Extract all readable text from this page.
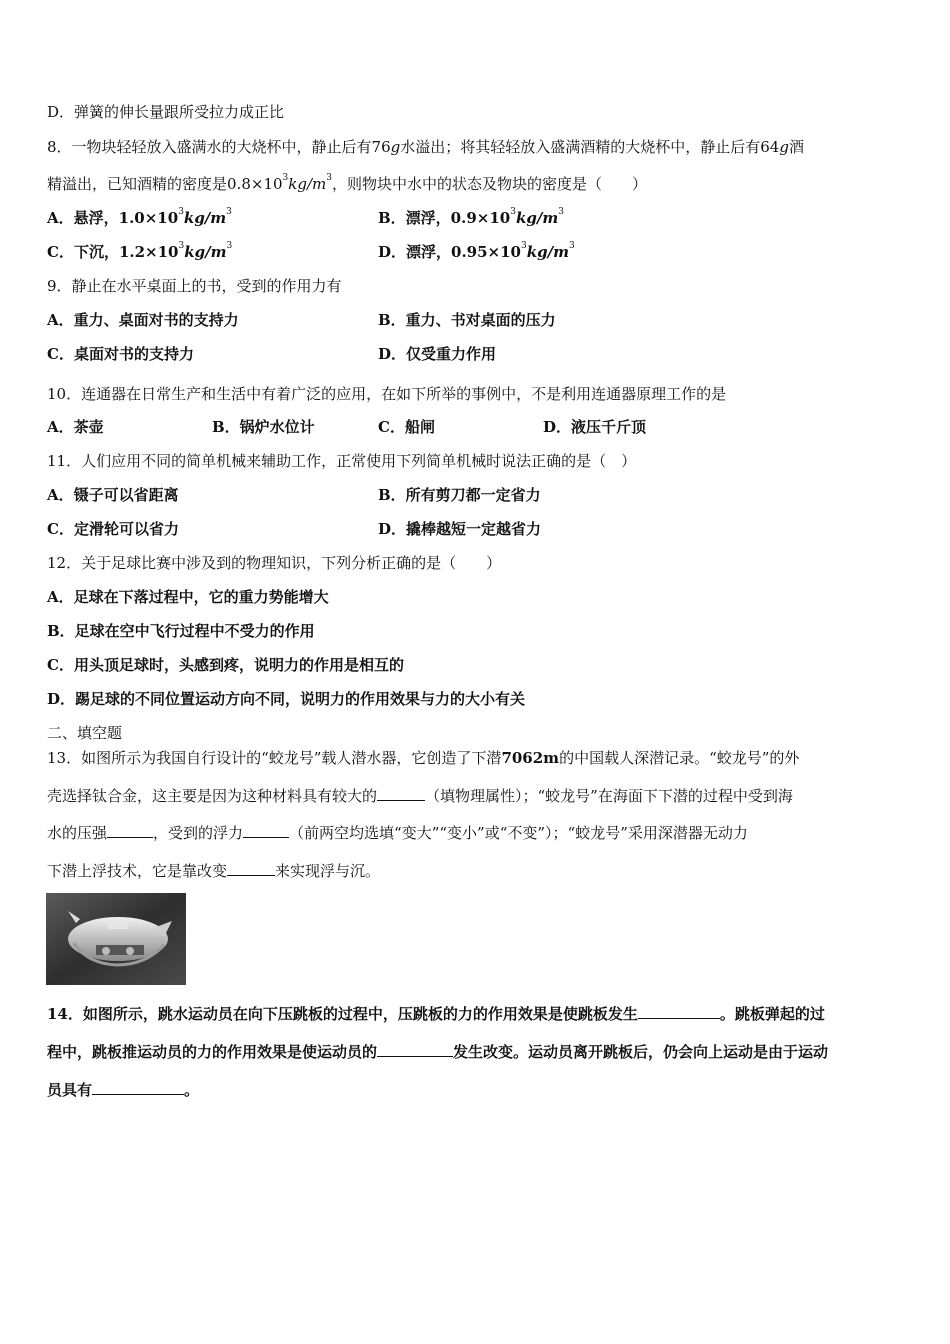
D．弹簧的伸长量跟所受拉力成正比
8．一物块轻轻放入盛满水的大烧杯中，静止后有76g水溢出；将其轻轻放入盛满酒精的大烧杯中，静止后有64g酒
精溢出，已知酒精的密度是$0.8\times 10^3kg/m^3$，则物块中水中的状态及物块的密度是（　　）
A．悬浮，$1.0\times 10^3kg/m^3$	B．漂浮，$0.9\times 10^3kg/m^3$
C．下沉，$1.2\times 10^3kg/m^3$	D．漂浮，$0.95\times 10^3kg/m^3$
9．静止在水平桌面上的书，受到的作用力有
A．重力、桌面对书的支持力	B．重力、书对桌面的压力
C．桌面对书的支持力	D．仅受重力作用
10．连通器在日常生产和生活中有着广泛的应用，在如下所举的事例中，不是利用连通器原理工作的是
A．茶壶	B．锅炉水位计	C．船闸	D．液压千斤顶
11．人们应用不同的简单机械来辅助工作，正常使用下列简单机械时说法正确的是（　）
A．镊子可以省距离	B．所有剪刀都一定省力
C．定滑轮可以省力	D．撬棒越短一定越省力
12．关于足球比赛中涉及到的物理知识，下列分析正确的是（　　）
A．足球在下落过程中，它的重力势能增大
B．足球在空中飞行过程中不受力的作用
C．用头顶足球时，头感到疼，说明力的作用是相互的
D．踢足球的不同位置运动方向不同，说明力的作用效果与力的大小有关
二、填空题
13．如图所示为我国自行设计的“蛟龙号”载人潜水器，它创造了下潜7062m的中国载人深潜记录。“蛟龙号”的外
壳选择钛合金，这主要是因为这种材料具有较大的	（填物理属性）；“蛟龙号”在海面下下潜的过程中受到海
水的压强	，受到的浮力	（前两空均选填“变大”“变小”或“不变”）；“蛟龙号”采用深潜器无动力
下潜上浮技术，它是靠改变	来实现浮与沉。
14．如图所示，跳水运动员在向下压跳板的过程中，压跳板的力的作用效果是使跳板发生	。跳板弹起的过
程中，跳板推运动员的力的作用效果是使运动员的	发生改变。运动员离开跳板后，仍会向上运动是由于运动
员具有	。
